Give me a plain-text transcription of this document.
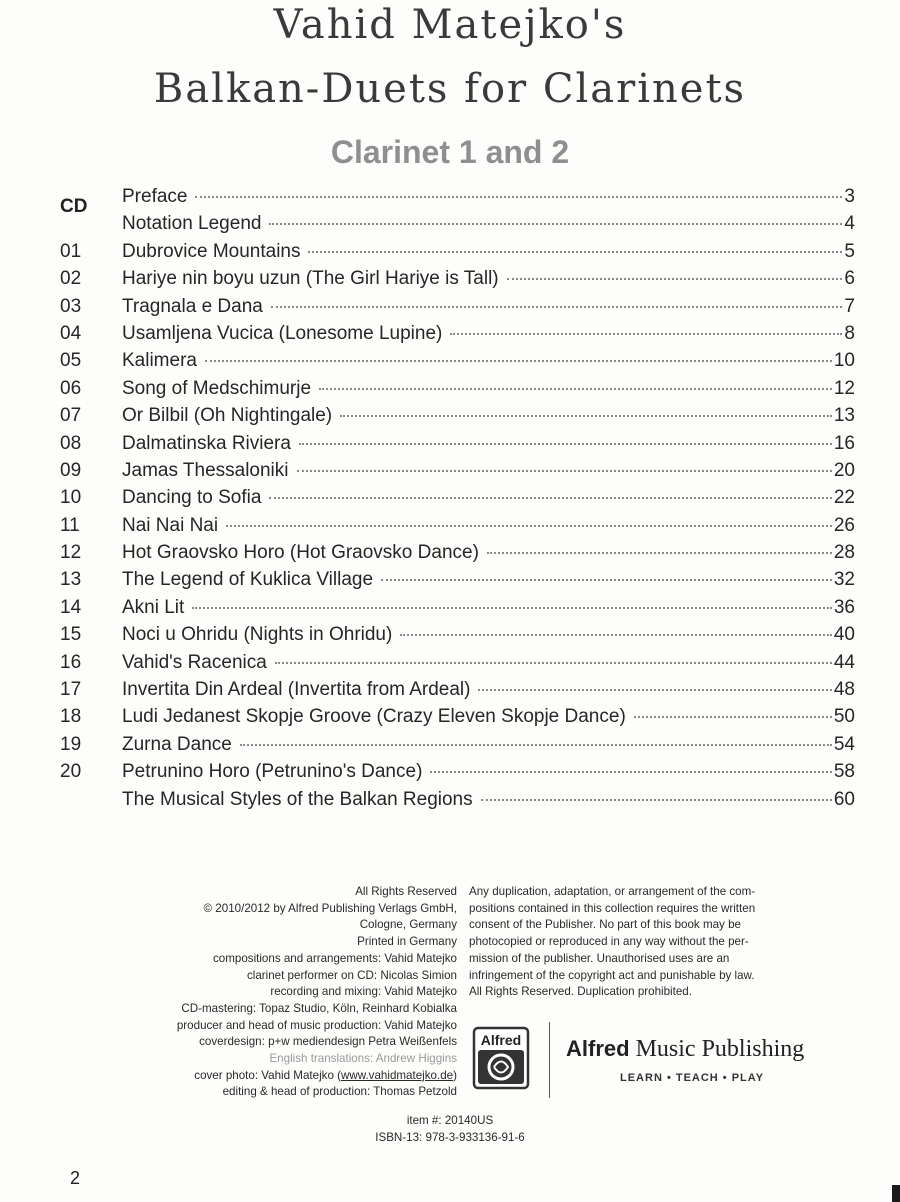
Vahid Matejko's
Balkan-Duets for Clarinets
Clarinet 1 and 2
CD Preface	3
Notation Legend	4
01	Dubrovice Mountains	5
02	Hariye nin boyu uzun (The Girl Hariye is Tall)	6
03	Tragnala e Dana	7
04	Usamljena Vucica (Lonesome Lupine)	8
05	Kalimera	10
06	Song of Medschimurje	12
07	Or Bilbil (Oh Nightingale)	13
08	Dalmatinska Riviera	16
09	Jamas Thessaloniki	20
10	Dancing to Sofia	22
11	Nai Nai Nai	26
12	Hot Graovsko Horo (Hot Graovsko Dance)	28
13	The Legend of Kuklica Village	32
14	Akni Lit	36
15	Noci u Ohridu (Nights in Ohridu)	40
16	Vahid's Racenica	44
17	Invertita Din Ardeal (Invertita from Ardeal)	48
18	Ludi Jedanest Skopje Groove (Crazy Eleven Skopje Dance)	50
19	Zurna Dance	54
20	Petrunino Horo (Petrunino's Dance)	58
The Musical Styles of the Balkan Regions	60
All Rights Reserved
© 2010/2012 by Alfred Publishing Verlags GmbH,
Cologne, Germany
Printed in Germany
compositions and arrangements: Vahid Matejko
clarinet performer on CD: Nicolas Simion
recording and mixing: Vahid Matejko
CD-mastering: Topaz Studio, Köln, Reinhard Kobialka
producer and head of music production: Vahid Matejko
coverdesign: p+w mediendesign Petra Weißenfels
English translations: Andrew Higgins
cover photo: Vahid Matejko (www.vahidmatejko.de)
editing & head of production: Thomas Petzold
Any duplication, adaptation, or arrangement of the com-
positions contained in this collection requires the written
consent of the Publisher. No part of this book may be
photocopied or reproduced in any way without the per-
mission of the publisher. Unauthorised uses are an
infringement of the copyright act and punishable by law.
All Rights Reserved. Duplication prohibited.
Alfred Alfred Music Publishing
LEARN • TEACH • PLAY
item #: 20140US
ISBN-13: 978-3-933136-91-6
2
